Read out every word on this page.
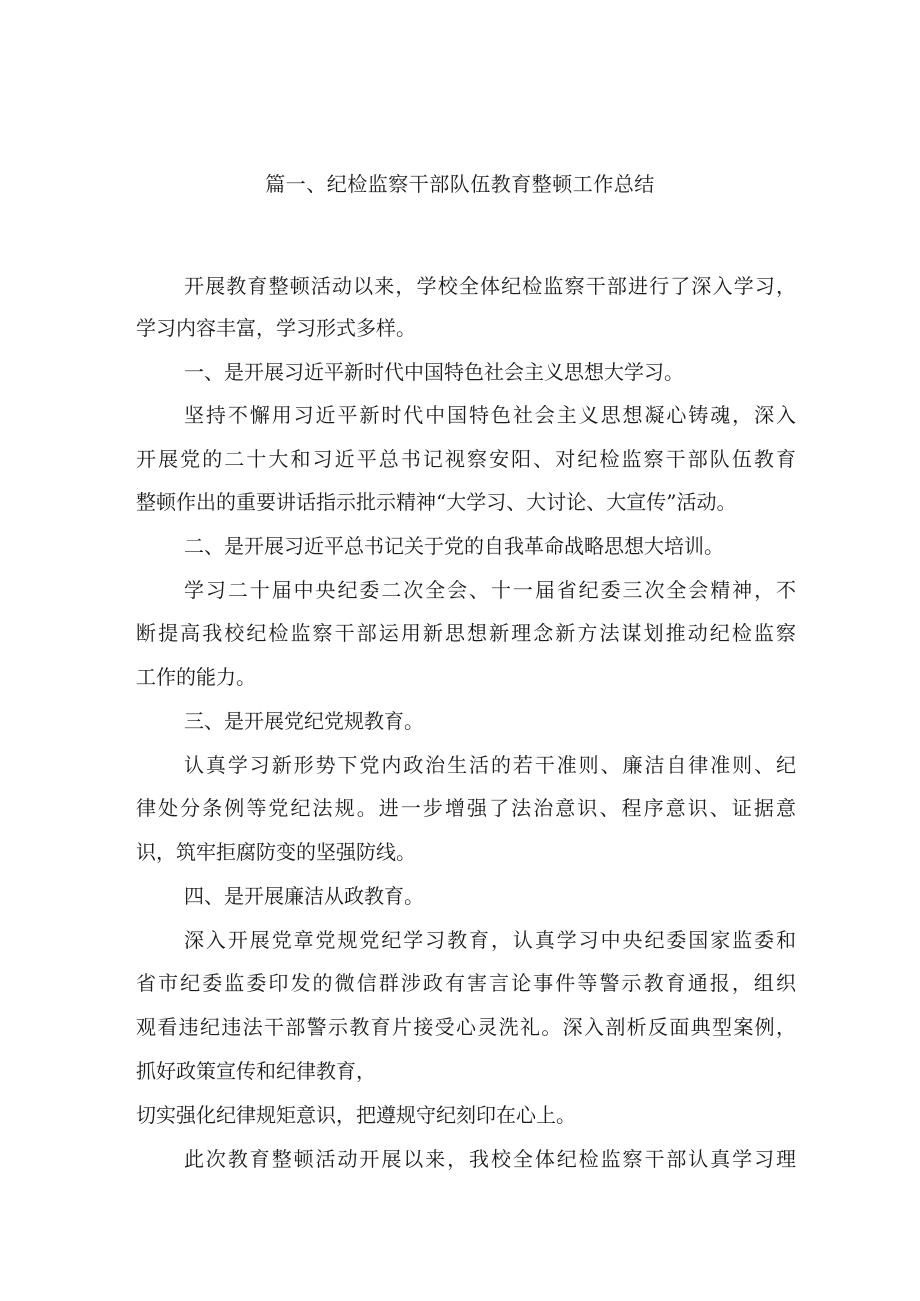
篇一、纪检监察干部队伍教育整顿工作总结
开展教育整顿活动以来，学校全体纪检监察干部进行了深入学习，
学习内容丰富，学习形式多样。
一、是开展习近平新时代中国特色社会主义思想大学习。
坚持不懈用习近平新时代中国特色社会主义思想凝心铸魂，深入
开展党的二十大和习近平总书记视察安阳、对纪检监察干部队伍教育
整顿作出的重要讲话指示批示精神“大学习、大讨论、大宣传”活动。
二、是开展习近平总书记关于党的自我革命战略思想大培训。
学习二十届中央纪委二次全会、十一届省纪委三次全会精神，不
断提高我校纪检监察干部运用新思想新理念新方法谋划推动纪检监察
工作的能力。
三、是开展党纪党规教育。
认真学习新形势下党内政治生活的若干准则、廉洁自律准则、纪
律处分条例等党纪法规。进一步增强了法治意识、程序意识、证据意
识，筑牢拒腐防变的坚强防线。
四、是开展廉洁从政教育。
深入开展党章党规党纪学习教育，认真学习中央纪委国家监委和
省市纪委监委印发的微信群涉政有害言论事件等警示教育通报，组织
观看违纪违法干部警示教育片接受心灵洗礼。深入剖析反面典型案例，
抓好政策宣传和纪律教育，
切实强化纪律规矩意识，把遵规守纪刻印在心上。
此次教育整顿活动开展以来，我校全体纪检监察干部认真学习理
